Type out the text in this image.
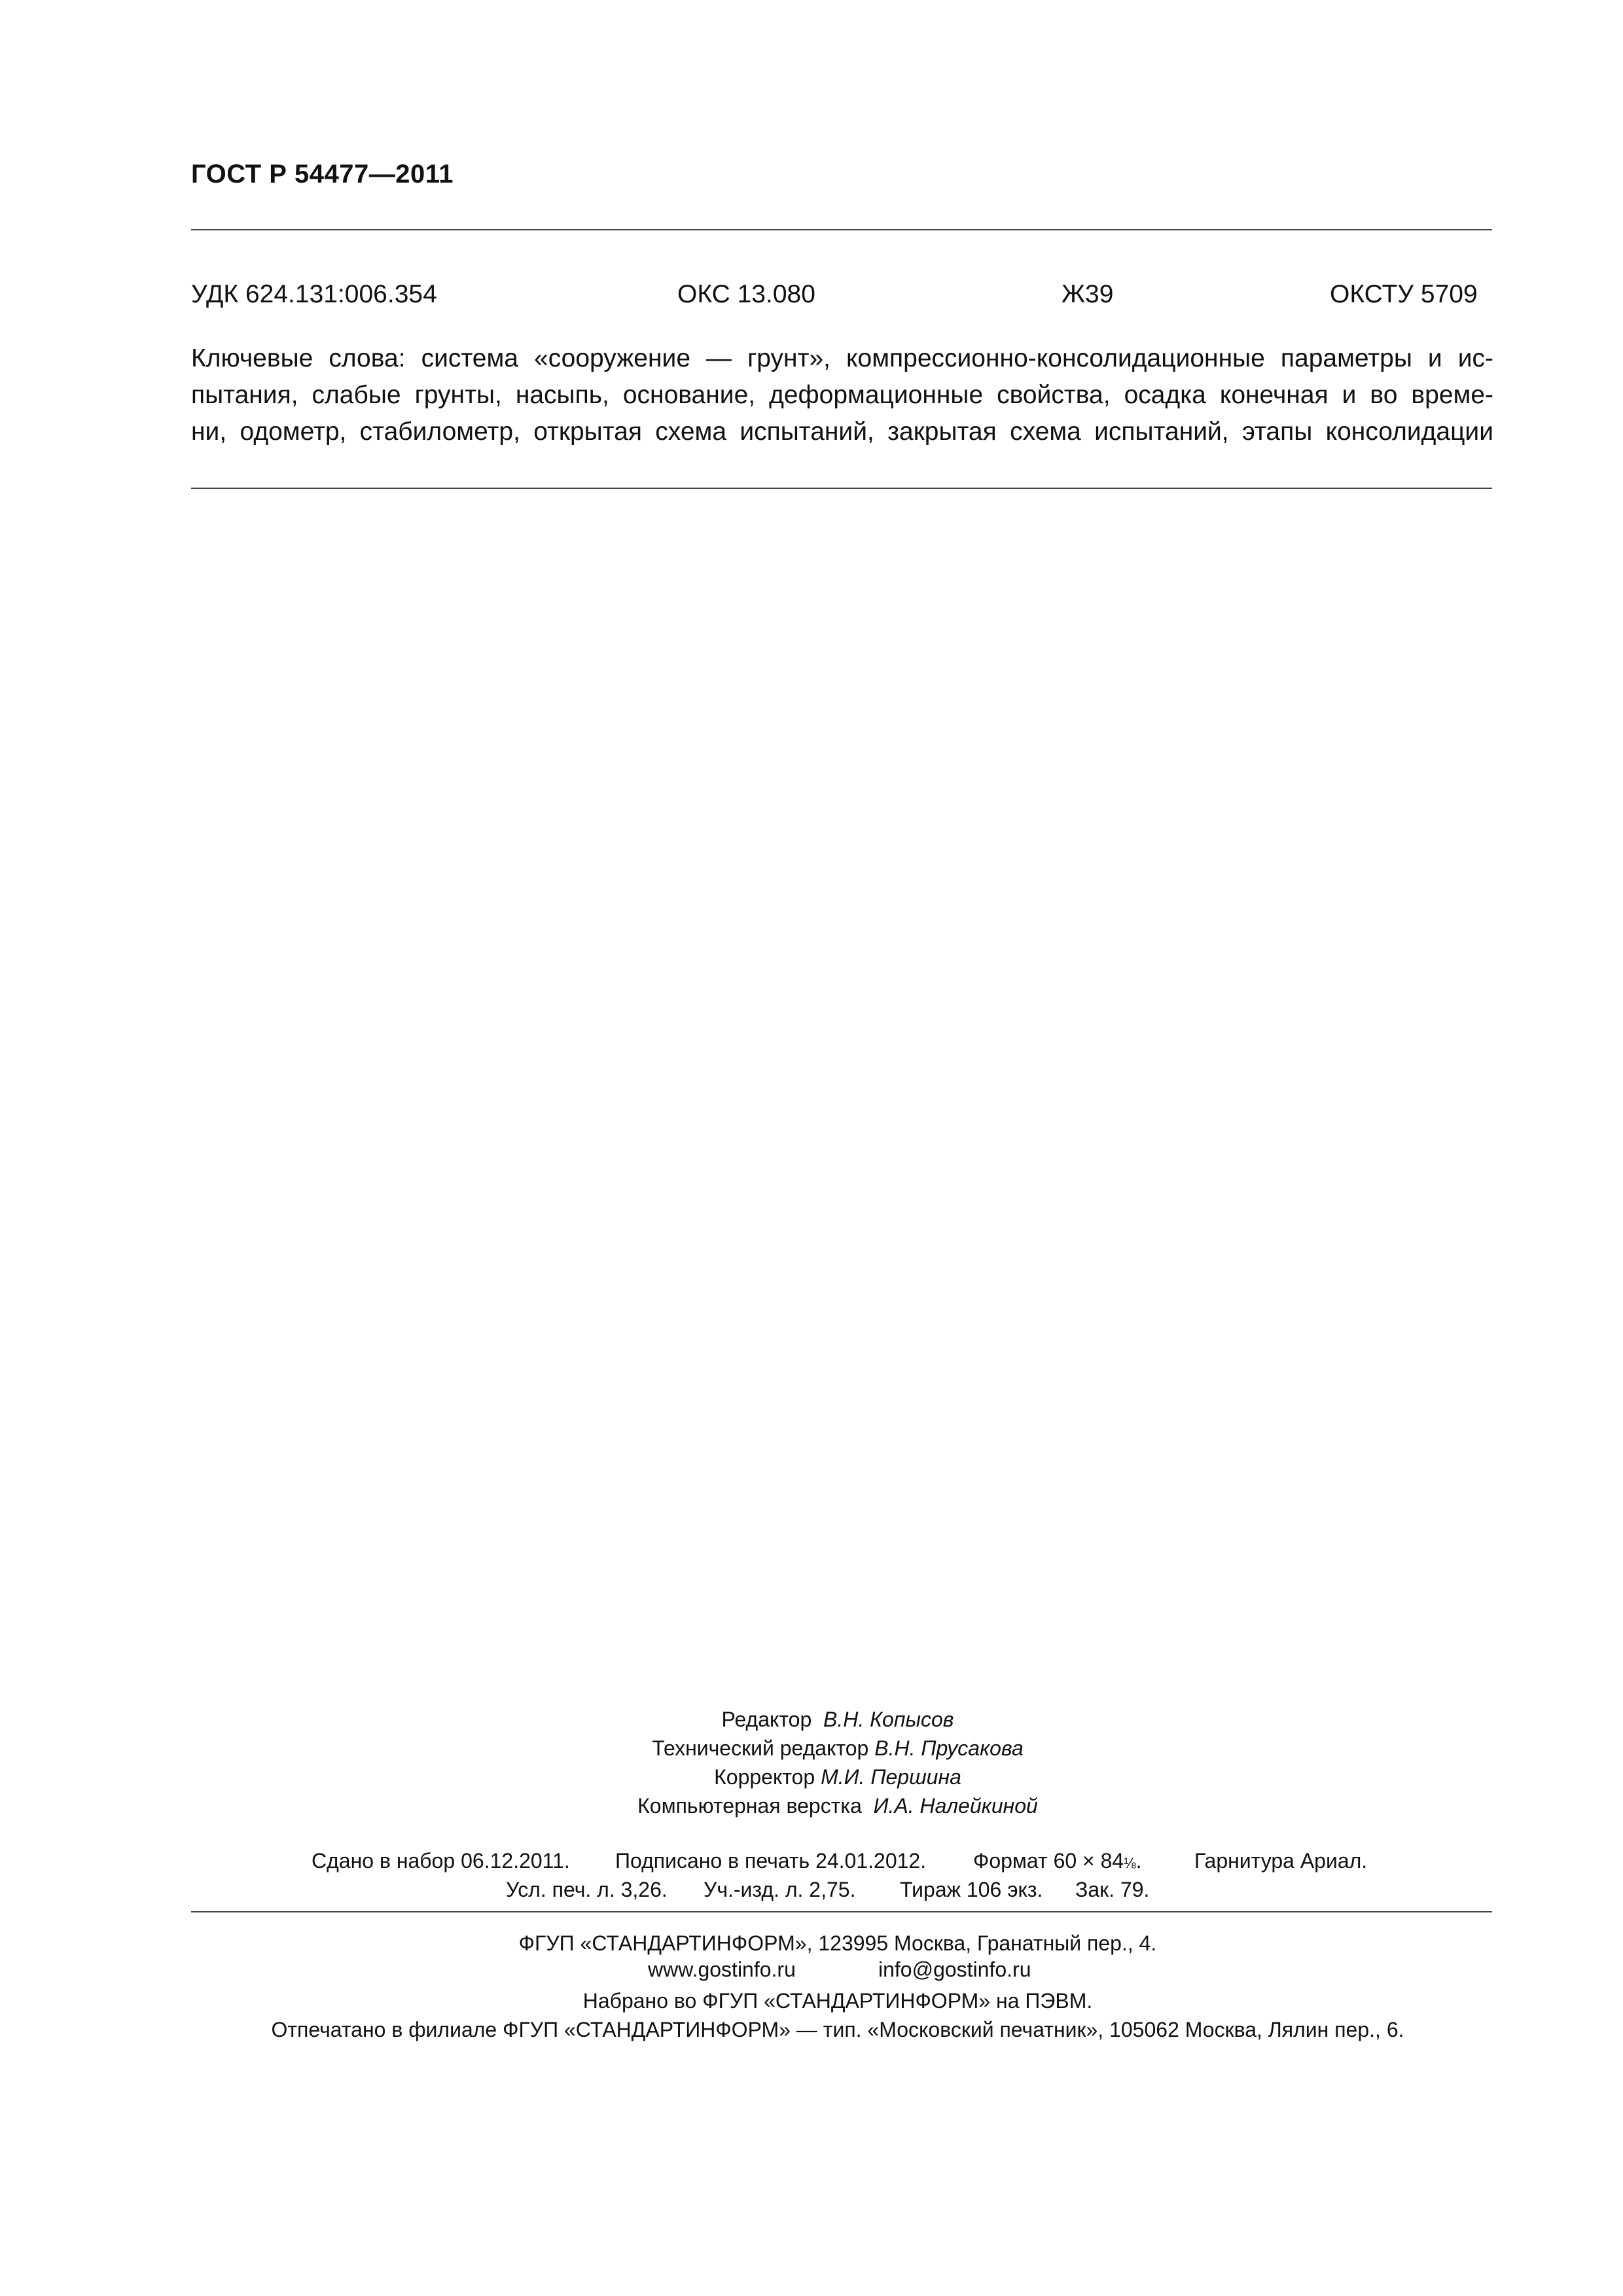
ГОСТ Р 54477—2011
УДК 624.131:006.354	ОКС 13.080	Ж39	ОКСТУ 5709
Ключевые слова: система «сооружение — грунт», компрессионно-консолидационные параметры и ис-
пытания, слабые грунты, насыпь, основание, деформационные свойства, осадка конечная и во време-
ни, одометр, стабилометр, открытая схема испытаний, закрытая схема испытаний, этапы консолидации
Редактор В.Н. Копысов
Технический редактор В.Н. Прусакова
Корректор М.И. Першина
Компьютерная верстка И.А. Налейкиной
Сдано в набор 06.12.2011. Подписано в печать 24.01.2012. Формат 60 × 84⅛.	Гарнитура Ариал.
Усл. печ. л. 3,26. Уч.-изд. л. 2,75. Тираж 106 экз. Зак. 79.
ФГУП «СТАНДАРТИНФОРМ», 123995 Москва, Гранатный пер., 4.
www.gostinfo.ru	info@gostinfo.ru
Набрано во ФГУП «СТАНДАРТИНФОРМ» на ПЭВМ.
Отпечатано в филиале ФГУП «СТАНДАРТИНФОРМ» — тип. «Московский печатник», 105062 Москва, Лялин пер., 6.
